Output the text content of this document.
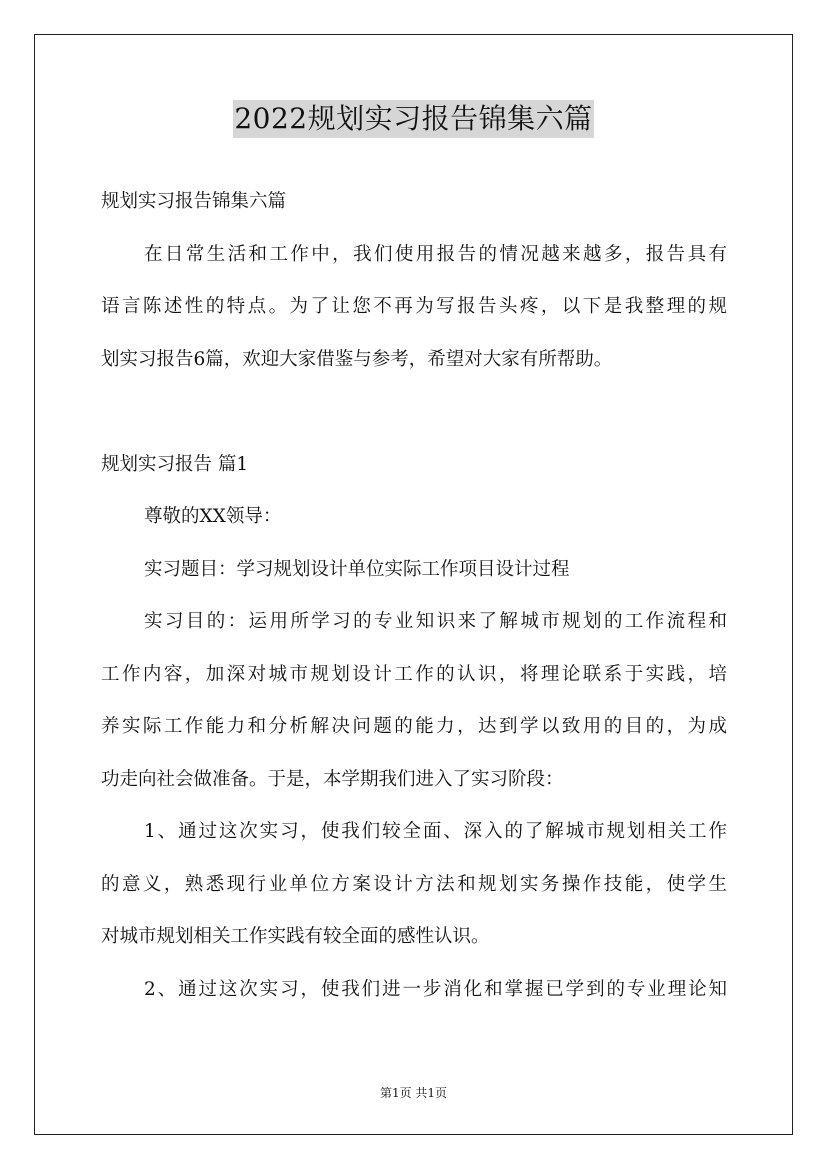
2022规划实习报告锦集六篇
规划实习报告锦集六篇
在日常生活和工作中，我们使用报告的情况越来越多，报告具有
语言陈述性的特点。为了让您不再为写报告头疼，以下是我整理的规
划实习报告6篇，欢迎大家借鉴与参考，希望对大家有所帮助。
规划实习报告 篇1
尊敬的XX领导：
实习题目：学习规划设计单位实际工作项目设计过程
实习目的：运用所学习的专业知识来了解城市规划的工作流程和
工作内容，加深对城市规划设计工作的认识，将理论联系于实践，培
养实际工作能力和分析解决问题的能力，达到学以致用的目的，为成
功走向社会做准备。于是，本学期我们进入了实习阶段：
1、通过这次实习，使我们较全面、深入的了解城市规划相关工作
的意义，熟悉现行业单位方案设计方法和规划实务操作技能，使学生
对城市规划相关工作实践有较全面的感性认识。
2、通过这次实习，使我们进一步消化和掌握已学到的专业理论知
第1页 共1页
